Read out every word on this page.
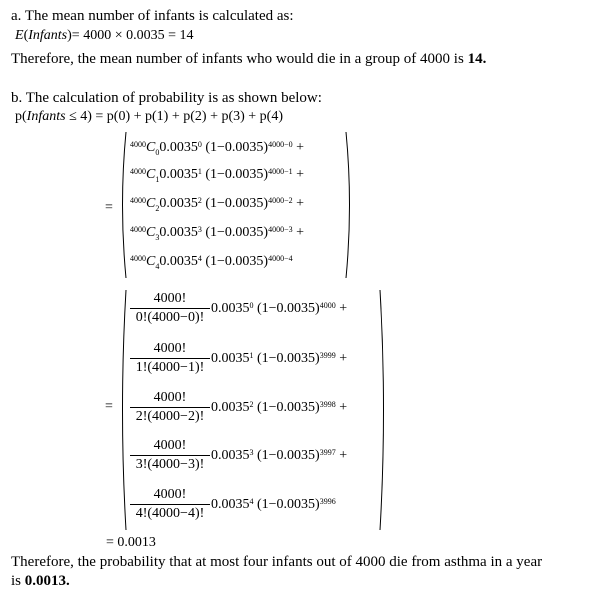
a. The mean number of infants is calculated as:
E(Infants)= 4000 × 0.0035 = 14
Therefore, the mean number of infants who would die in a group of 4000 is 14.
b. The calculation of probability is as shown below:
p(Infants ≤ 4) = p(0) + p(1) + p(2) + p(3) + p(4)
=
$^{4000}C_00.0035^0$ $(1-0.0035)^{4000-0}$ +
$^{4000}C_10.0035^1$ $(1-0.0035)^{4000-1}$ +
$^{4000}C_20.0035^2$ $(1-0.0035)^{4000-2}$ +
$^{4000}C_30.0035^3$ $(1-0.0035)^{4000-3}$ +
$^{4000}C_40.0035^4$ $(1-0.0035)^{4000-4}$
=
4000!
0!(4000−0)!
0.0035$^0$ $(1-0.0035)^{4000}$ +
4000!
1!(4000−1)!
0.0035$^1$ $(1-0.0035)^{3999}$ +
4000!
2!(4000−2)!
0.0035$^2$ $(1-0.0035)^{3998}$ +
4000!
3!(4000−3)!
0.0035$^3$ $(1-0.0035)^{3997}$ +
4000!
4!(4000−4)!
0.0035$^4$ $(1-0.0035)^{3996}$
= 0.0013
Therefore, the probability that at most four infants out of 4000 die from asthma in a year
is 0.0013.
